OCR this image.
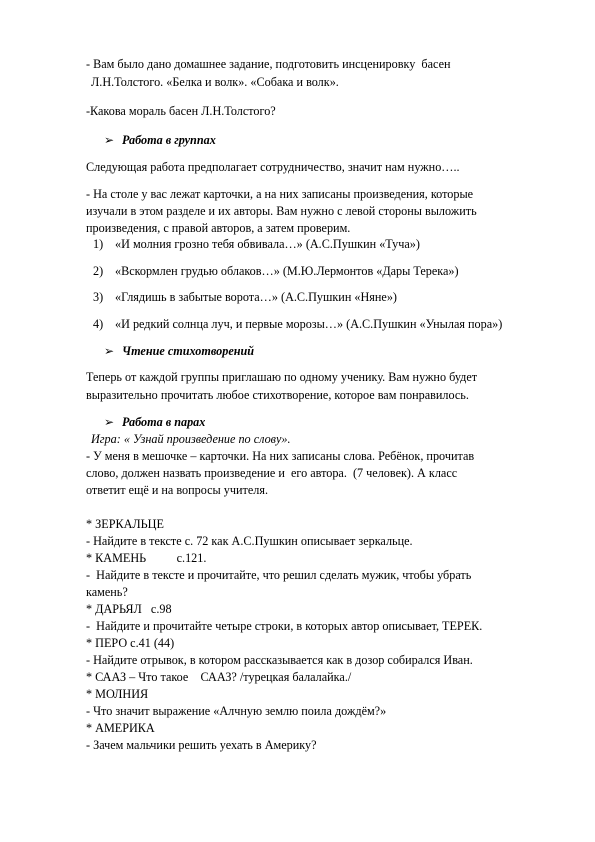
- Вам было дано домашнее задание, подготовить инсценировку  басен
Л.Н.Толстого. «Белка и волк». «Собака и волк».
-Какова мораль басен Л.Н.Толстого?
➢ Работа в группах
Следующая работа предполагает сотрудничество, значит нам нужно…..
- На столе у вас лежат карточки, а на них записаны произведения, которые
изучали в этом разделе и их авторы. Вам нужно с левой стороны выложить
произведения, с правой авторов, а затем проверим.
1) «И молния грозно тебя обвивала…» (А.С.Пушкин «Туча»)
2) «Вскормлен грудью облаков…» (М.Ю.Лермонтов «Дары Терека»)
3) «Глядишь в забытые ворота…» (А.С.Пушкин «Няне»)
4) «И редкий солнца луч, и первые морозы…» (А.С.Пушкин «Унылая пора»)
➢ Чтение стихотворений
Теперь от каждой группы приглашаю по одному ученику. Вам нужно будет
выразительно прочитать любое стихотворение, которое вам понравилось.
➢ Работа в парах
Игра: « Узнай произведение по слову».
- У меня в мешочке – карточки. На них записаны слова. Ребёнок, прочитав
слово, должен назвать произведение и  его автора.  (7 человек). А класс
ответит ещё и на вопросы учителя.
* ЗЕРКАЛЬЦЕ
- Найдите в тексте с. 72 как А.С.Пушкин описывает зеркальце.
* КАМЕНЬ          с.121.
-  Найдите в тексте и прочитайте, что решил сделать мужик, чтобы убрать
камень?
* ДАРЬЯЛ   с.98
-  Найдите и прочитайте четыре строки, в которых автор описывает, ТЕРЕК.
* ПЕРО с.41 (44)
- Найдите отрывок, в котором рассказывается как в дозор собирался Иван.
* СААЗ – Что такое    СААЗ? /турецкая балалайка./
* МОЛНИЯ
- Что значит выражение «Алчную землю поила дождём?»
* АМЕРИКА
- Зачем мальчики решить уехать в Америку?
